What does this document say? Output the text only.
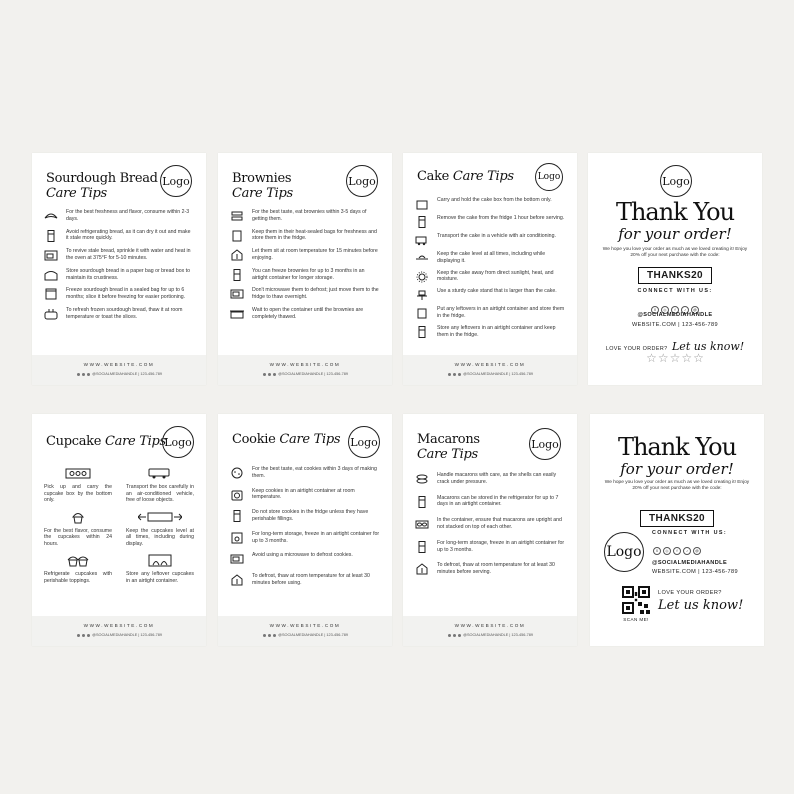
Sourdough Bread
Care Tips
Logo
For the best freshness and flavor, consume within 2-3 days.
Avoid refrigerating bread, as it can dry it out and make it stale more quickly.
To revive stale bread, sprinkle it with water and heat in the oven at 375°F for 5-10 minutes.
Store sourdough bread in a paper bag or bread box to maintain its crustiness.
Freeze sourdough bread in a sealed bag for up to 6 months; slice it before freezing for easier portioning.
To refresh frozen sourdough bread, thaw it at room temperature or toast the slices.
WWW.WEBSITE.COM
@SOCIALMEDIAHANDLE | 123-456-789
Brownies
Care Tips
Logo
For the best taste, eat brownies within 3-5 days of getting them.
Keep them in their heat-sealed bags for freshness and store them in the fridge.
Let them sit at room temperature for 15 minutes before enjoying.
You can freeze brownies for up to 3 months in an airtight container for longer storage.
Don't microwave them to defrost; just move them to the fridge to thaw overnight.
Wait to open the container until the brownies are completely thawed.
WWW.WEBSITE.COM
@SOCIALMEDIAHANDLE | 123-456-789
Cake Care Tips	Logo
Carry and hold the cake box from the bottom only.
Remove the cake from the fridge 1 hour before serving.
Transport the cake in a vehicle with air conditioning.
Keep the cake level at all times, including while displaying it.
Keep the cake away from direct sunlight, heat, and moisture.
Use a sturdy cake stand that is larger than the cake.
Put any leftovers in an airtight container and store them in the fridge.
Store any leftovers in an airtight container and keep them in the fridge.
WWW.WEBSITE.COM
@SOCIALMEDIAHANDLE | 123-456-789
Logo
Thank You
for your order!
We hope you love your order as much as we loved creating it! Enjoy 20% off your next purchase with the code:
THANKS20
CONNECT WITH US:
X ◎ f ♪ @
@SOCIALMEDIAHANDLE
WEBSITE.COM | 123-456-789
LOVE YOUR ORDER? Let us know!
☆☆☆☆☆
Cupcake Care Tips
Logo
Pick up and carry the cupcake box by the bottom only.
Transport the box carefully in an air-conditioned vehicle, free of loose objects.
For the best flavor, consume the cupcakes within 24 hours.
Keep the cupcakes level at all times, including during display.
Refrigerate cupcakes with perishable toppings.
Store any leftover cupcakes in an airtight container.
WWW.WEBSITE.COM
@SOCIALMEDIAHANDLE | 123-456-789
Cookie Care Tips Logo
For the best taste, eat cookies within 3 days of making them.
Keep cookies in an airtight container at room temperature.
Do not store cookies in the fridge unless they have perishable fillings.
For long-term storage, freeze in an airtight container for up to 3 months.
Avoid using a microwave to defrost cookies.
To defrost, thaw at room temperature for at least 30 minutes before using.
WWW.WEBSITE.COM
@SOCIALMEDIAHANDLE | 123-456-789
Macarons
Care Tips
Logo
Handle macarons with care, as the shells can easily crack under pressure.
Macarons can be stored in the refrigerator for up to 7 days in an airtight container.
In the container, ensure that macarons are upright and not stacked on top of each other.
For long-term storage, freeze in an airtight container for up to 3 months.
To defrost, thaw at room temperature for at least 30 minutes before serving.
WWW.WEBSITE.COM
@SOCIALMEDIAHANDLE | 123-456-789
Thank You
for your order!
We hope you love your order as much as we loved creating it! Enjoy 20% off your next purchase with the code:
THANKS20
Logo
CONNECT WITH US:
X ◎ f ♪ @
@SOCIALMEDIAHANDLE
WEBSITE.COM | 123-456-789
SCAN ME!
LOVE YOUR ORDER?
Let us know!
